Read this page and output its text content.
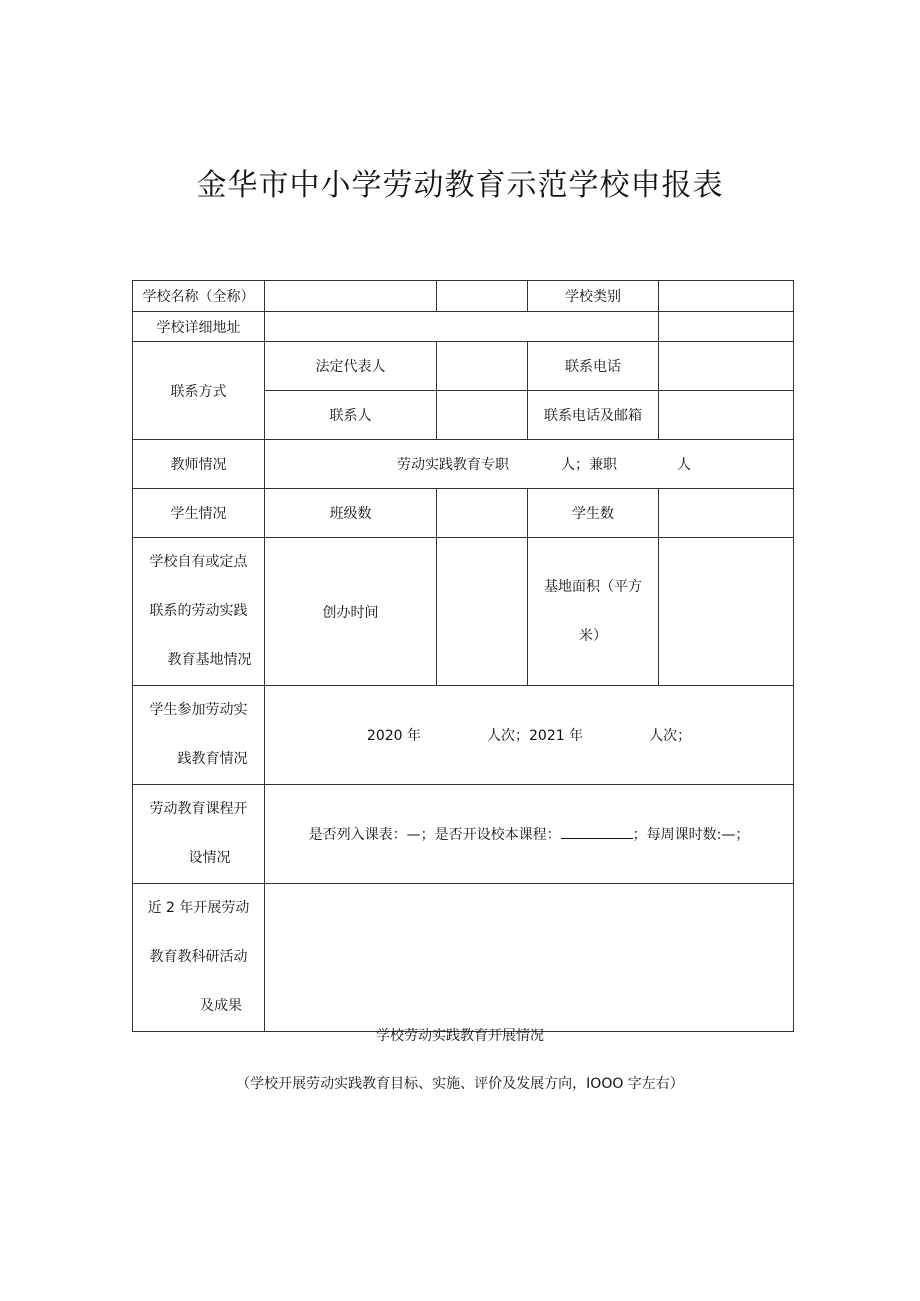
金华市中小学劳动教育示范学校申报表
学校名称（全称）			学校类别	
学校详细地址				
联系方式	法定代表人		联系电话	
	联系人		联系电话及邮箱	
教师情况	劳动实践教育专职 人；兼职 人			
学生情况	班级数		学生数	

学校自有或定点
联系的劳动实践
教育基地情况	创办时间		基地面积（平方
米）	

学生参加劳动实
践教育情况	2020 年 人次；2021 年 人次；			

劳动教育课程开
设情况	是否列入课表：—；是否开设校本课程： ；每周课时数:—；			

近 2 年开展劳动
教育教科研活动
及成果				

学校劳动实践教育开展情况
（学校开展劳动实践教育目标、实施、评价及发展方向，IOOO 字左右）
